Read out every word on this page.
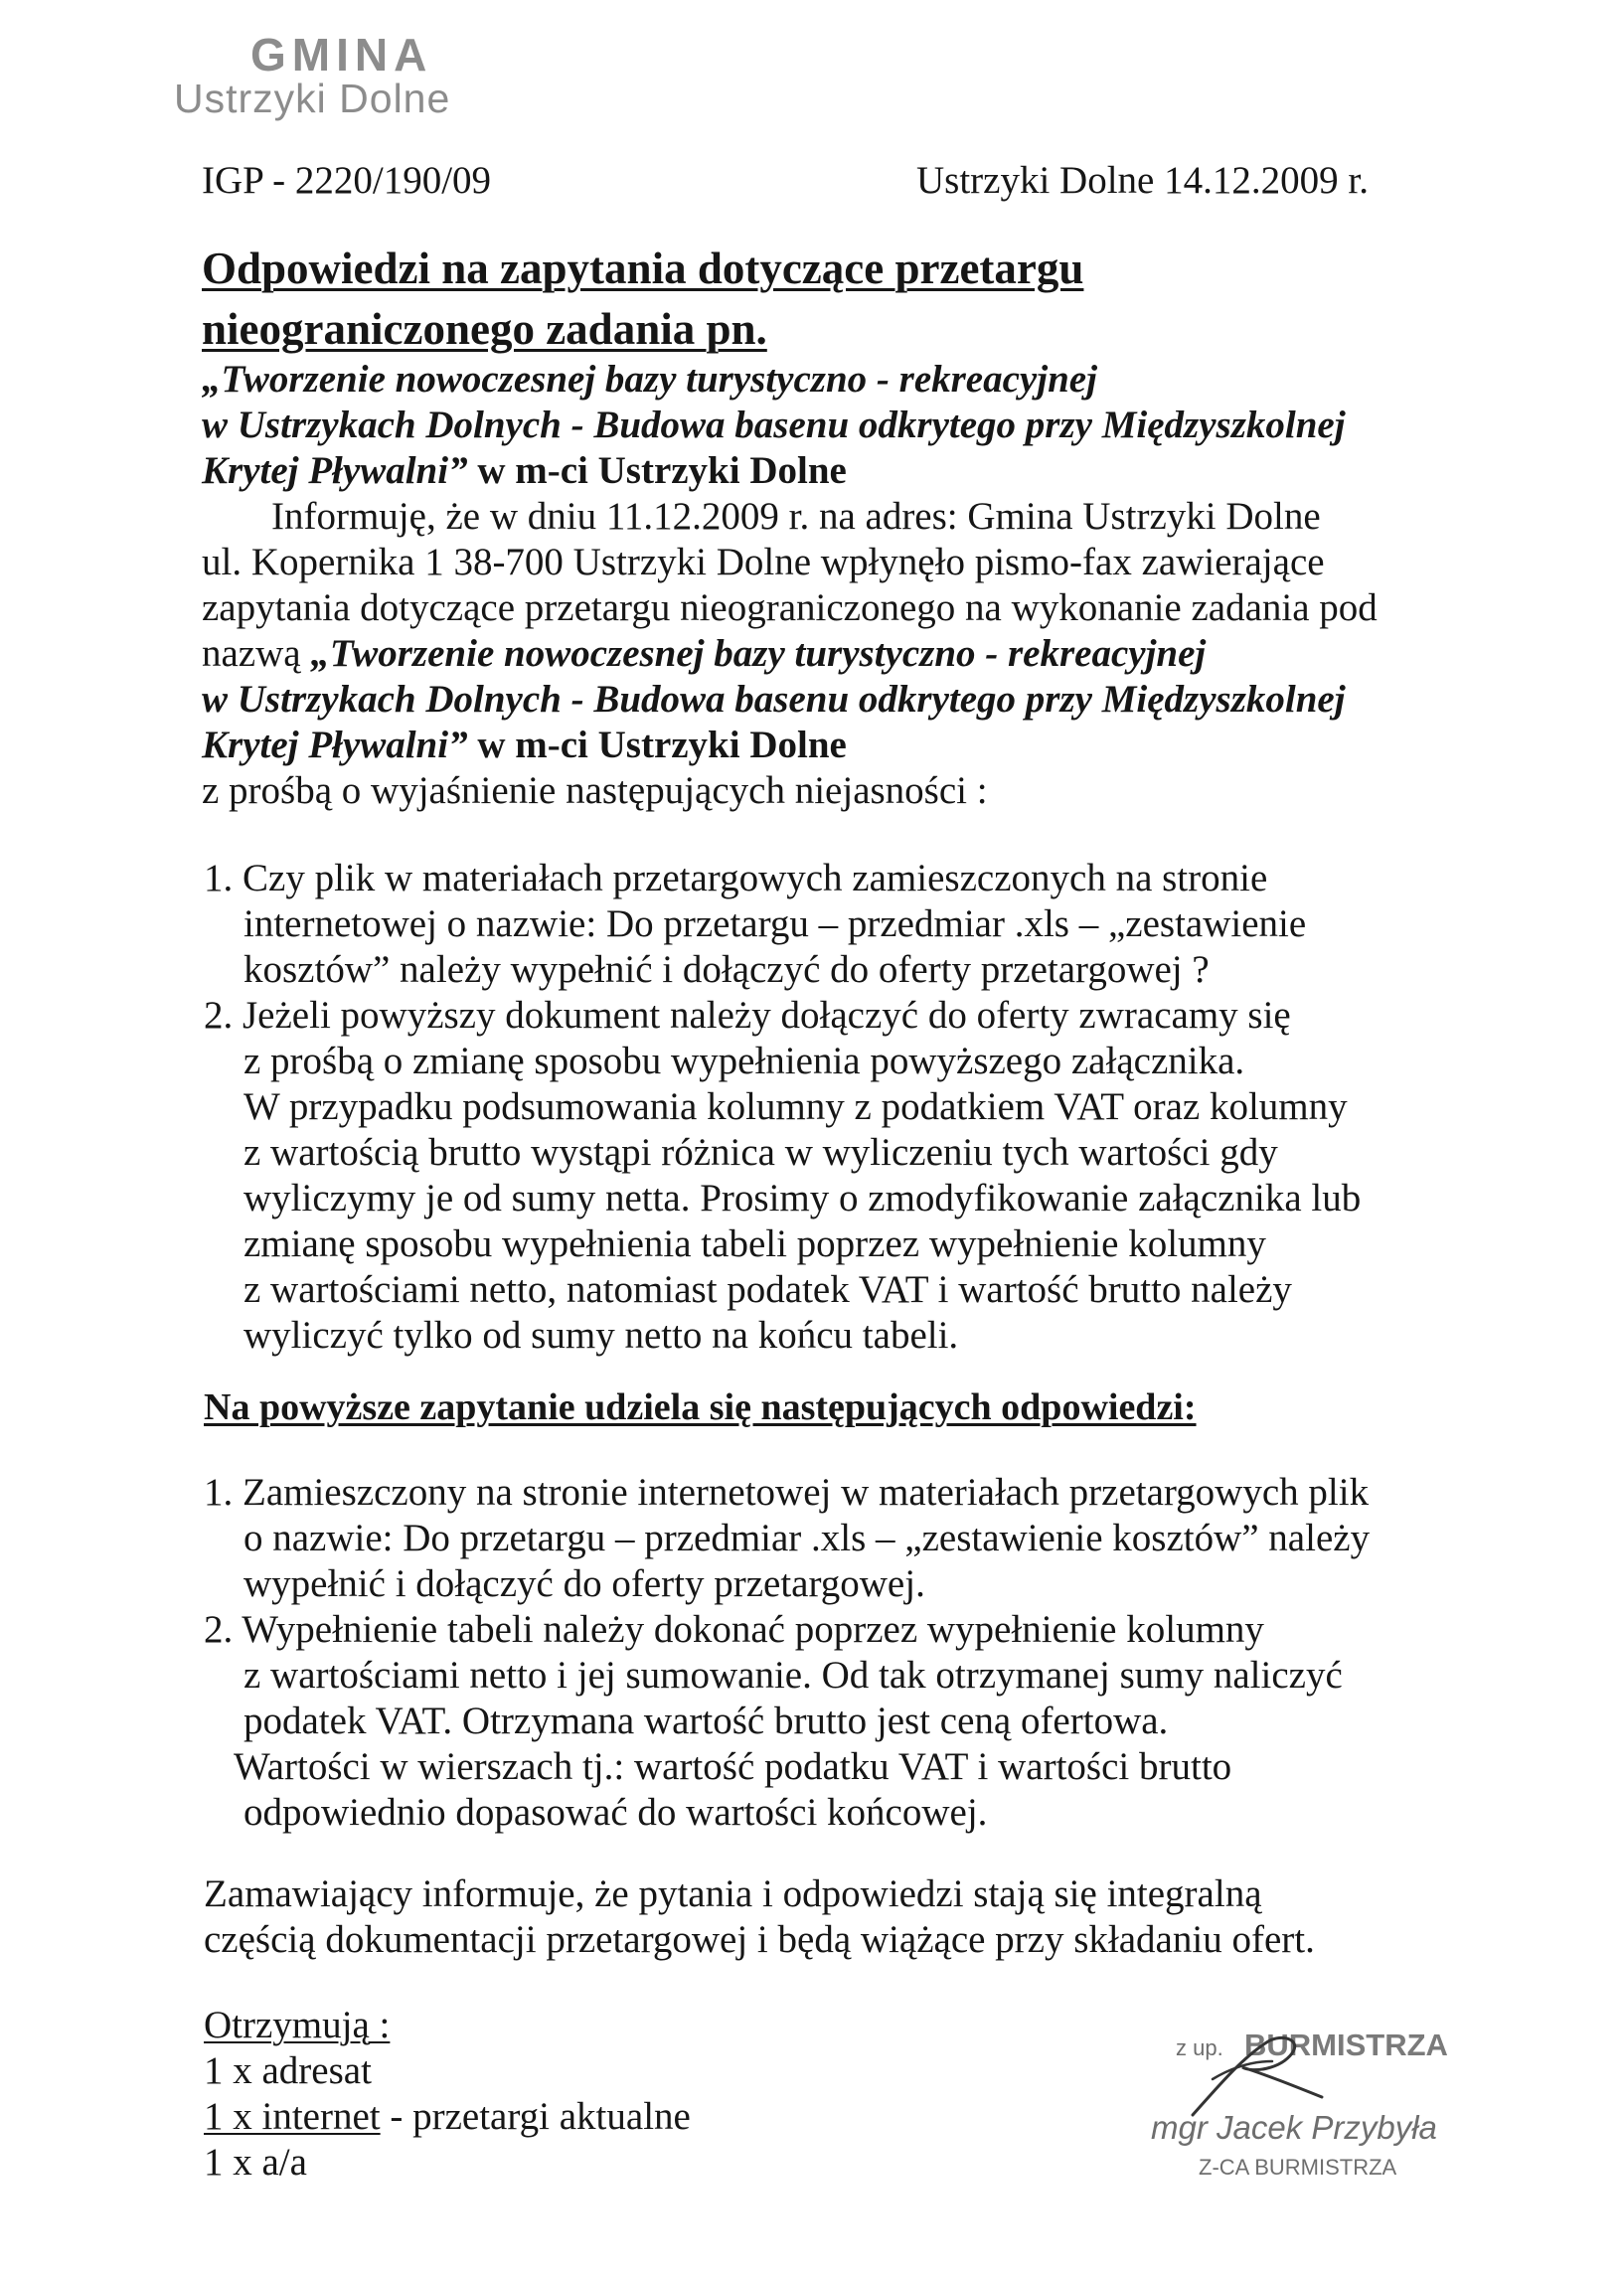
GMINA
Ustrzyki Dolne
IGP - 2220/190/09	Ustrzyki Dolne 14.12.2009 r.
Odpowiedzi na zapytania dotyczące przetargu
nieograniczonego zadania pn.
„Tworzenie nowoczesnej bazy turystyczno - rekreacyjnej
w Ustrzykach Dolnych - Budowa basenu odkrytego przy Międzyszkolnej
Krytej Pływalni” w m-ci Ustrzyki Dolne
Informuję, że w dniu 11.12.2009 r. na adres: Gmina Ustrzyki Dolne
ul. Kopernika 1 38-700 Ustrzyki Dolne wpłynęło pismo-fax zawierające
zapytania dotyczące przetargu nieograniczonego na wykonanie zadania pod
nazwą „Tworzenie nowoczesnej bazy turystyczno - rekreacyjnej
w Ustrzykach Dolnych - Budowa basenu odkrytego przy Międzyszkolnej
Krytej Pływalni” w m-ci Ustrzyki Dolne
z prośbą o wyjaśnienie następujących niejasności :
1. Czy plik w materiałach przetargowych zamieszczonych na stronie
internetowej o nazwie: Do przetargu – przedmiar .xls – „zestawienie
kosztów” należy wypełnić i dołączyć do oferty przetargowej ?
2. Jeżeli powyższy dokument należy dołączyć do oferty zwracamy się
z prośbą o zmianę sposobu wypełnienia powyższego załącznika.
W przypadku podsumowania kolumny z podatkiem VAT oraz kolumny
z wartością brutto wystąpi różnica w wyliczeniu tych wartości gdy
wyliczymy je od sumy netta. Prosimy o zmodyfikowanie załącznika lub
zmianę sposobu wypełnienia tabeli poprzez wypełnienie kolumny
z wartościami netto, natomiast podatek VAT i wartość brutto należy
wyliczyć tylko od sumy netto na końcu tabeli.
Na powyższe zapytanie udziela się następujących odpowiedzi:
1. Zamieszczony na stronie internetowej w materiałach przetargowych plik
o nazwie: Do przetargu – przedmiar .xls – „zestawienie kosztów” należy
wypełnić i dołączyć do oferty przetargowej.
2. Wypełnienie tabeli należy dokonać poprzez wypełnienie kolumny
z wartościami netto i jej sumowanie. Od tak otrzymanej sumy naliczyć
podatek VAT. Otrzymana wartość brutto jest ceną ofertowa.
Wartości w wierszach tj.: wartość podatku VAT i wartości brutto
odpowiednio dopasować do wartości końcowej.
Zamawiający informuje, że pytania i odpowiedzi stają się integralną
częścią dokumentacji przetargowej i będą wiążące przy składaniu ofert.
Otrzymują :
1 x adresat
1 x internet - przetargi aktualne
1 x a/a
z up. BURMISTRZA
mgr Jacek Przybyła
Z-CA BURMISTRZA
